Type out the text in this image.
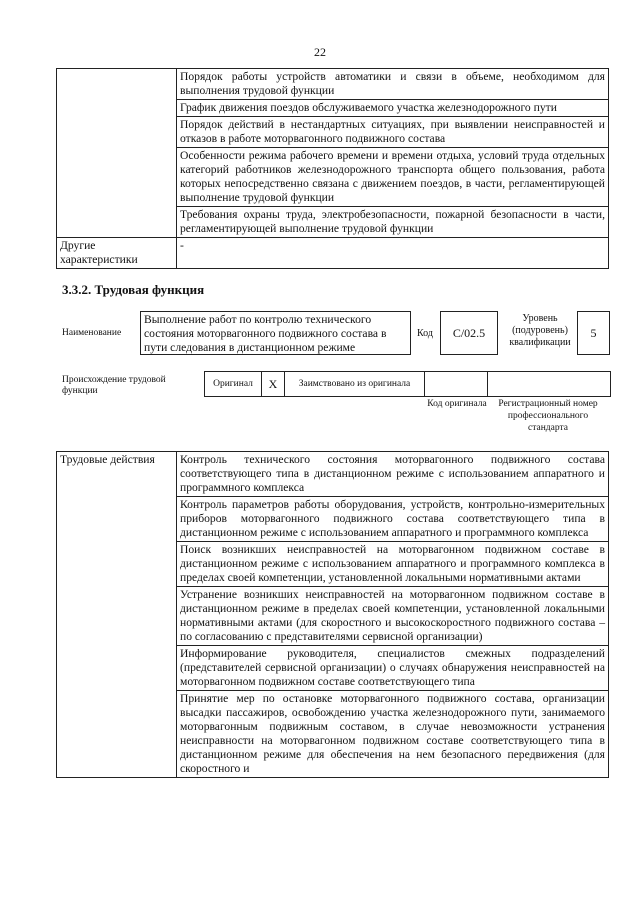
22
	Порядок работы устройств автоматики и связи в объеме, необходимом для выполнения трудовой функции
	График движения поездов обслуживаемого участка железнодорожного пути
	Порядок действий в нестандартных ситуациях, при выявлении неисправностей и отказов в работе моторвагонного подвижного состава
	Особенности режима рабочего времени и времени отдыха, условий труда отдельных категорий работников железнодорожного транспорта общего пользования, работа которых непосредственно связана с движением поездов, в части, регламентирующей выполнение трудовой функции
	Требования охраны труда, электробезопасности, пожарной безопасности в части, регламентирующей выполнение трудовой функции
Другие характеристики	-
3.3.2. Трудовая функция
Наименование
Выполнение работ по контролю технического состояния моторвагонного подвижного состава в пути следования в дистанционном режиме
Код	С/02.5
Уровень (подуровень) квалификации
5
Происхождение трудовой функции
Оригинал	Х	Заимствовано из оригинала
Код оригинала	Регистрационный номер профессионального стандарта
Трудовые действия	Контроль технического состояния моторвагонного подвижного состава соответствующего типа в дистанционном режиме с использованием аппаратного и программного комплекса
Контроль параметров работы оборудования, устройств, контрольно-измерительных приборов моторвагонного подвижного состава соответствующего типа в дистанционном режиме с использованием аппаратного и программного комплекса
Поиск возникших неисправностей на моторвагонном подвижном составе в дистанционном режиме с использованием аппаратного и программного комплекса в пределах своей компетенции, установленной локальными нормативными актами
Устранение возникших неисправностей на моторвагонном подвижном составе в дистанционном режиме в пределах своей компетенции, установленной локальными нормативными актами (для скоростного и высокоскоростного подвижного состава – по согласованию с представителями сервисной организации)
Информирование руководителя, специалистов смежных подразделений (представителей сервисной организации) о случаях обнаружения неисправностей на моторвагонном подвижном составе соответствующего типа
Принятие мер по остановке моторвагонного подвижного состава, организации высадки пассажиров, освобождению участка железнодорожного пути, занимаемого моторвагонным подвижным составом, в случае невозможности устранения неисправности на моторвагонном подвижном составе соответствующего типа в дистанционном режиме для обеспечения на нем безопасного передвижения (для скоростного и
